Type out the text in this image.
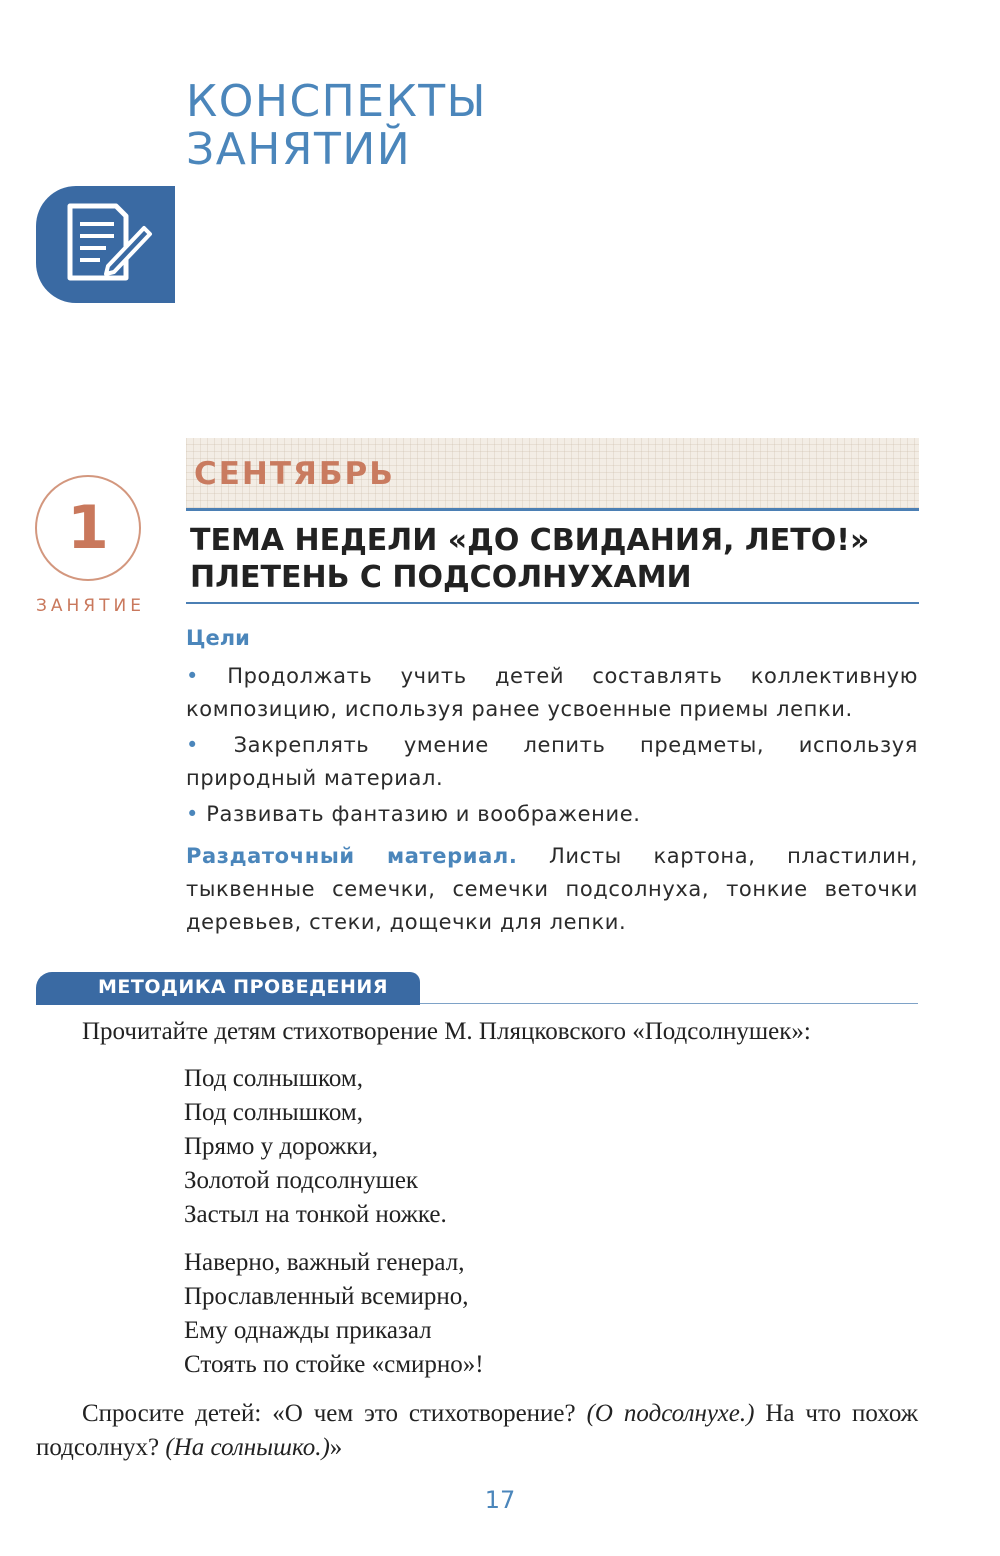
КОНСПЕКТЫ
ЗАНЯТИЙ
СЕНТЯБРЬ
1
ЗАНЯТИЕ
ТЕМА НЕДЕЛИ «ДО СВИДАНИЯ, ЛЕТО!»
ПЛЕТЕНЬ С ПОДСОЛНУХАМИ
Цели

• Продолжать учить детей составлять коллективную композицию, используя ранее усвоенные приемы лепки.

• Закреплять умение лепить предметы, используя природный материал.

• Развивать фантазию и воображение.

Раздаточный материал. Листы картона, пластилин, тыквенные семечки, семечки подсолнуха, тонкие веточки деревьев, стеки, дощечки для лепки.

МЕТОДИКА ПРОВЕДЕНИЯ

Прочитайте детям стихотворение М. Пляцковского «Подсолнушек»:

Под солнышком,
Под солнышком,
Прямо у дорожки,
Золотой подсолнушек
Застыл на тонкой ножке.
Наверно, важный генерал,
Прославленный всемирно,
Ему однажды приказал
Стоять по стойке «смирно»!

Спросите детей: «О чем это стихотворение? (О подсолнухе.) На что похож подсолнух? (На солнышко.)»

17
